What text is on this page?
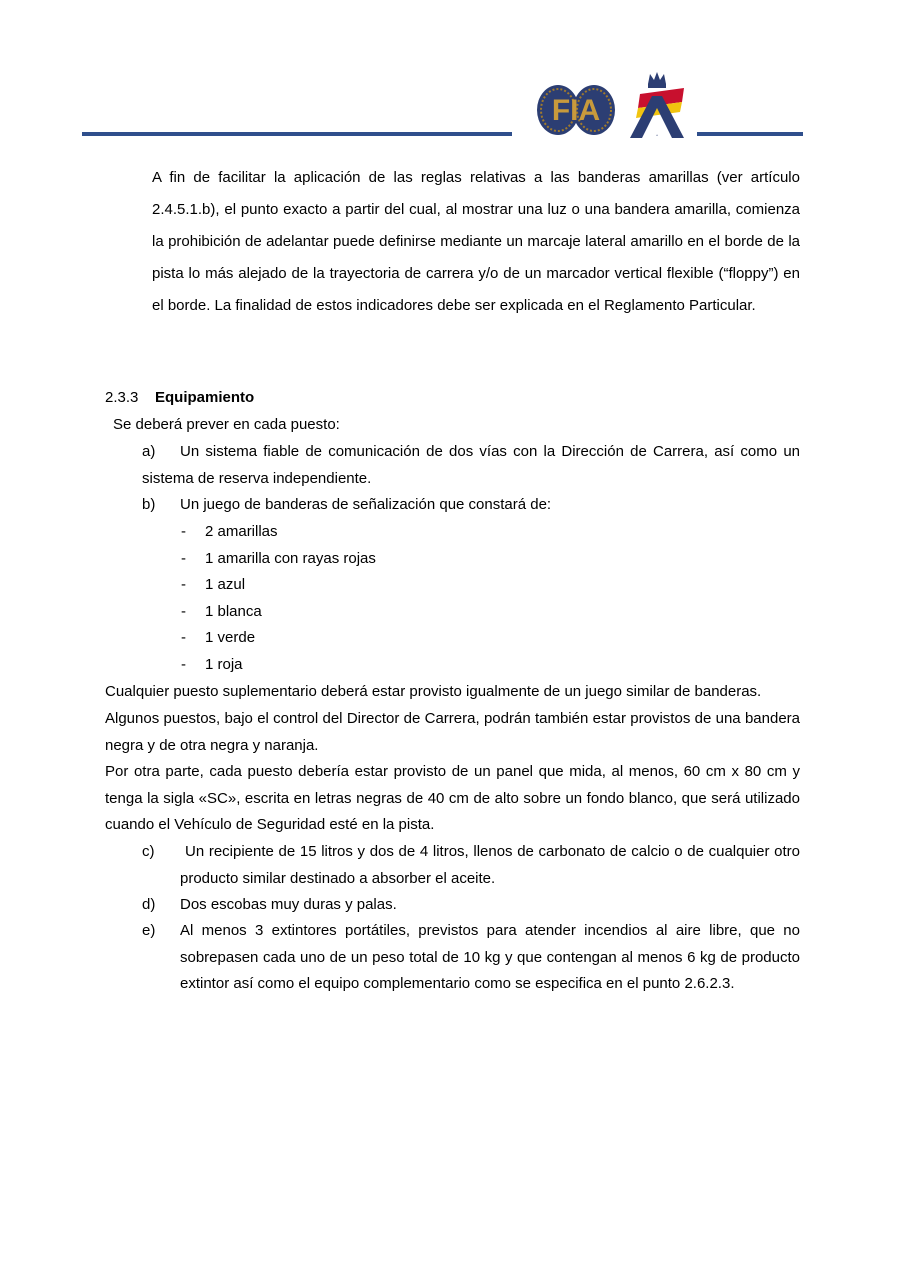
FIA
A

A fin de facilitar la aplicación de las reglas relativas a las banderas amarillas (ver artículo 2.4.5.1.b), el punto exacto a partir del cual, al mostrar una luz o una bandera amarilla, comienza la prohibición de adelantar puede definirse mediante un marcaje lateral amarillo en el borde de la pista lo más alejado de la trayectoria de carrera y/o de un marcador vertical flexible (“floppy”) en el borde. La finalidad de estos indicadores debe ser explicada en el Reglamento Particular.

2.3.3 Equipamiento
Se deberá prever en cada puesto:
a)	Un sistema fiable de comunicación de dos vías con la Dirección de Carrera, así como un sistema de reserva independiente.

b) Un juego de banderas de señalización que constará de:
- 2 amarillas
- 1 amarilla con rayas rojas
- 1 azul
- 1 blanca
- 1 verde
- 1 roja
Cualquier puesto suplementario deberá estar provisto igualmente de un juego similar de banderas.

Algunos puestos, bajo el control del Director de Carrera, podrán también estar provistos de una bandera negra y de otra negra y naranja.

Por otra parte, cada puesto debería estar provisto de un panel que mida, al menos, 60 cm x 80 cm y tenga la sigla «SC», escrita en letras negras de 40 cm de alto sobre un fondo blanco, que será utilizado cuando el Vehículo de Seguridad esté en la pista.

c)	Un recipiente de 15 litros y dos de 4 litros, llenos de carbonato de calcio o de cualquier otro producto similar destinado a absorber el aceite.

d) Dos escobas muy duras y palas.
e) Al menos 3 extintores portátiles, previstos para atender incendios al aire libre, que no sobrepasen cada uno de un peso total de 10 kg y que contengan al menos 6 kg de producto extintor así como el equipo complementario como se especifica en el punto 2.6.2.3.
